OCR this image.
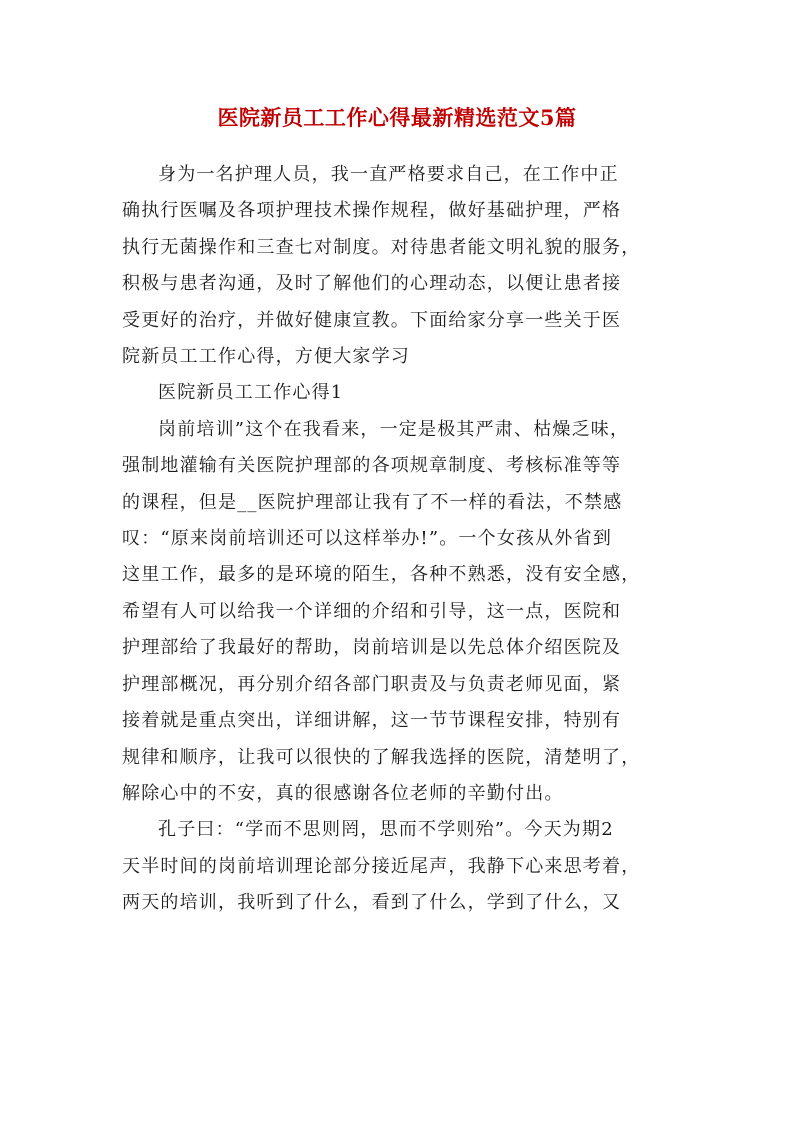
医院新员工工作心得最新精选范文5篇

身为一名护理人员，我一直严格要求自己，在工作中正
确执行医嘱及各项护理技术操作规程，做好基础护理，严格
执行无菌操作和三查七对制度。对待患者能文明礼貌的服务，
积极与患者沟通，及时了解他们的心理动态，以便让患者接
受更好的治疗，并做好健康宣教。下面给家分享一些关于医
院新员工工作心得，方便大家学习

医院新员工工作心得1

岗前培训”这个在我看来，一定是极其严肃、枯燥乏味，
强制地灌输有关医院护理部的各项规章制度、考核标准等等
的课程，但是__医院护理部让我有了不一样的看法，不禁感
叹：“原来岗前培训还可以这样举办!”。一个女孩从外省到
这里工作，最多的是环境的陌生，各种不熟悉，没有安全感，
希望有人可以给我一个详细的介绍和引导，这一点，医院和
护理部给了我最好的帮助，岗前培训是以先总体介绍医院及
护理部概况，再分别介绍各部门职责及与负责老师见面，紧
接着就是重点突出，详细讲解，这一节节课程安排，特别有
规律和顺序，让我可以很快的了解我选择的医院，清楚明了，
解除心中的不安，真的很感谢各位老师的辛勤付出。

孔子曰：“学而不思则罔，思而不学则殆”。今天为期2
天半时间的岗前培训理论部分接近尾声，我静下心来思考着，
两天的培训，我听到了什么，看到了什么，学到了什么，又
